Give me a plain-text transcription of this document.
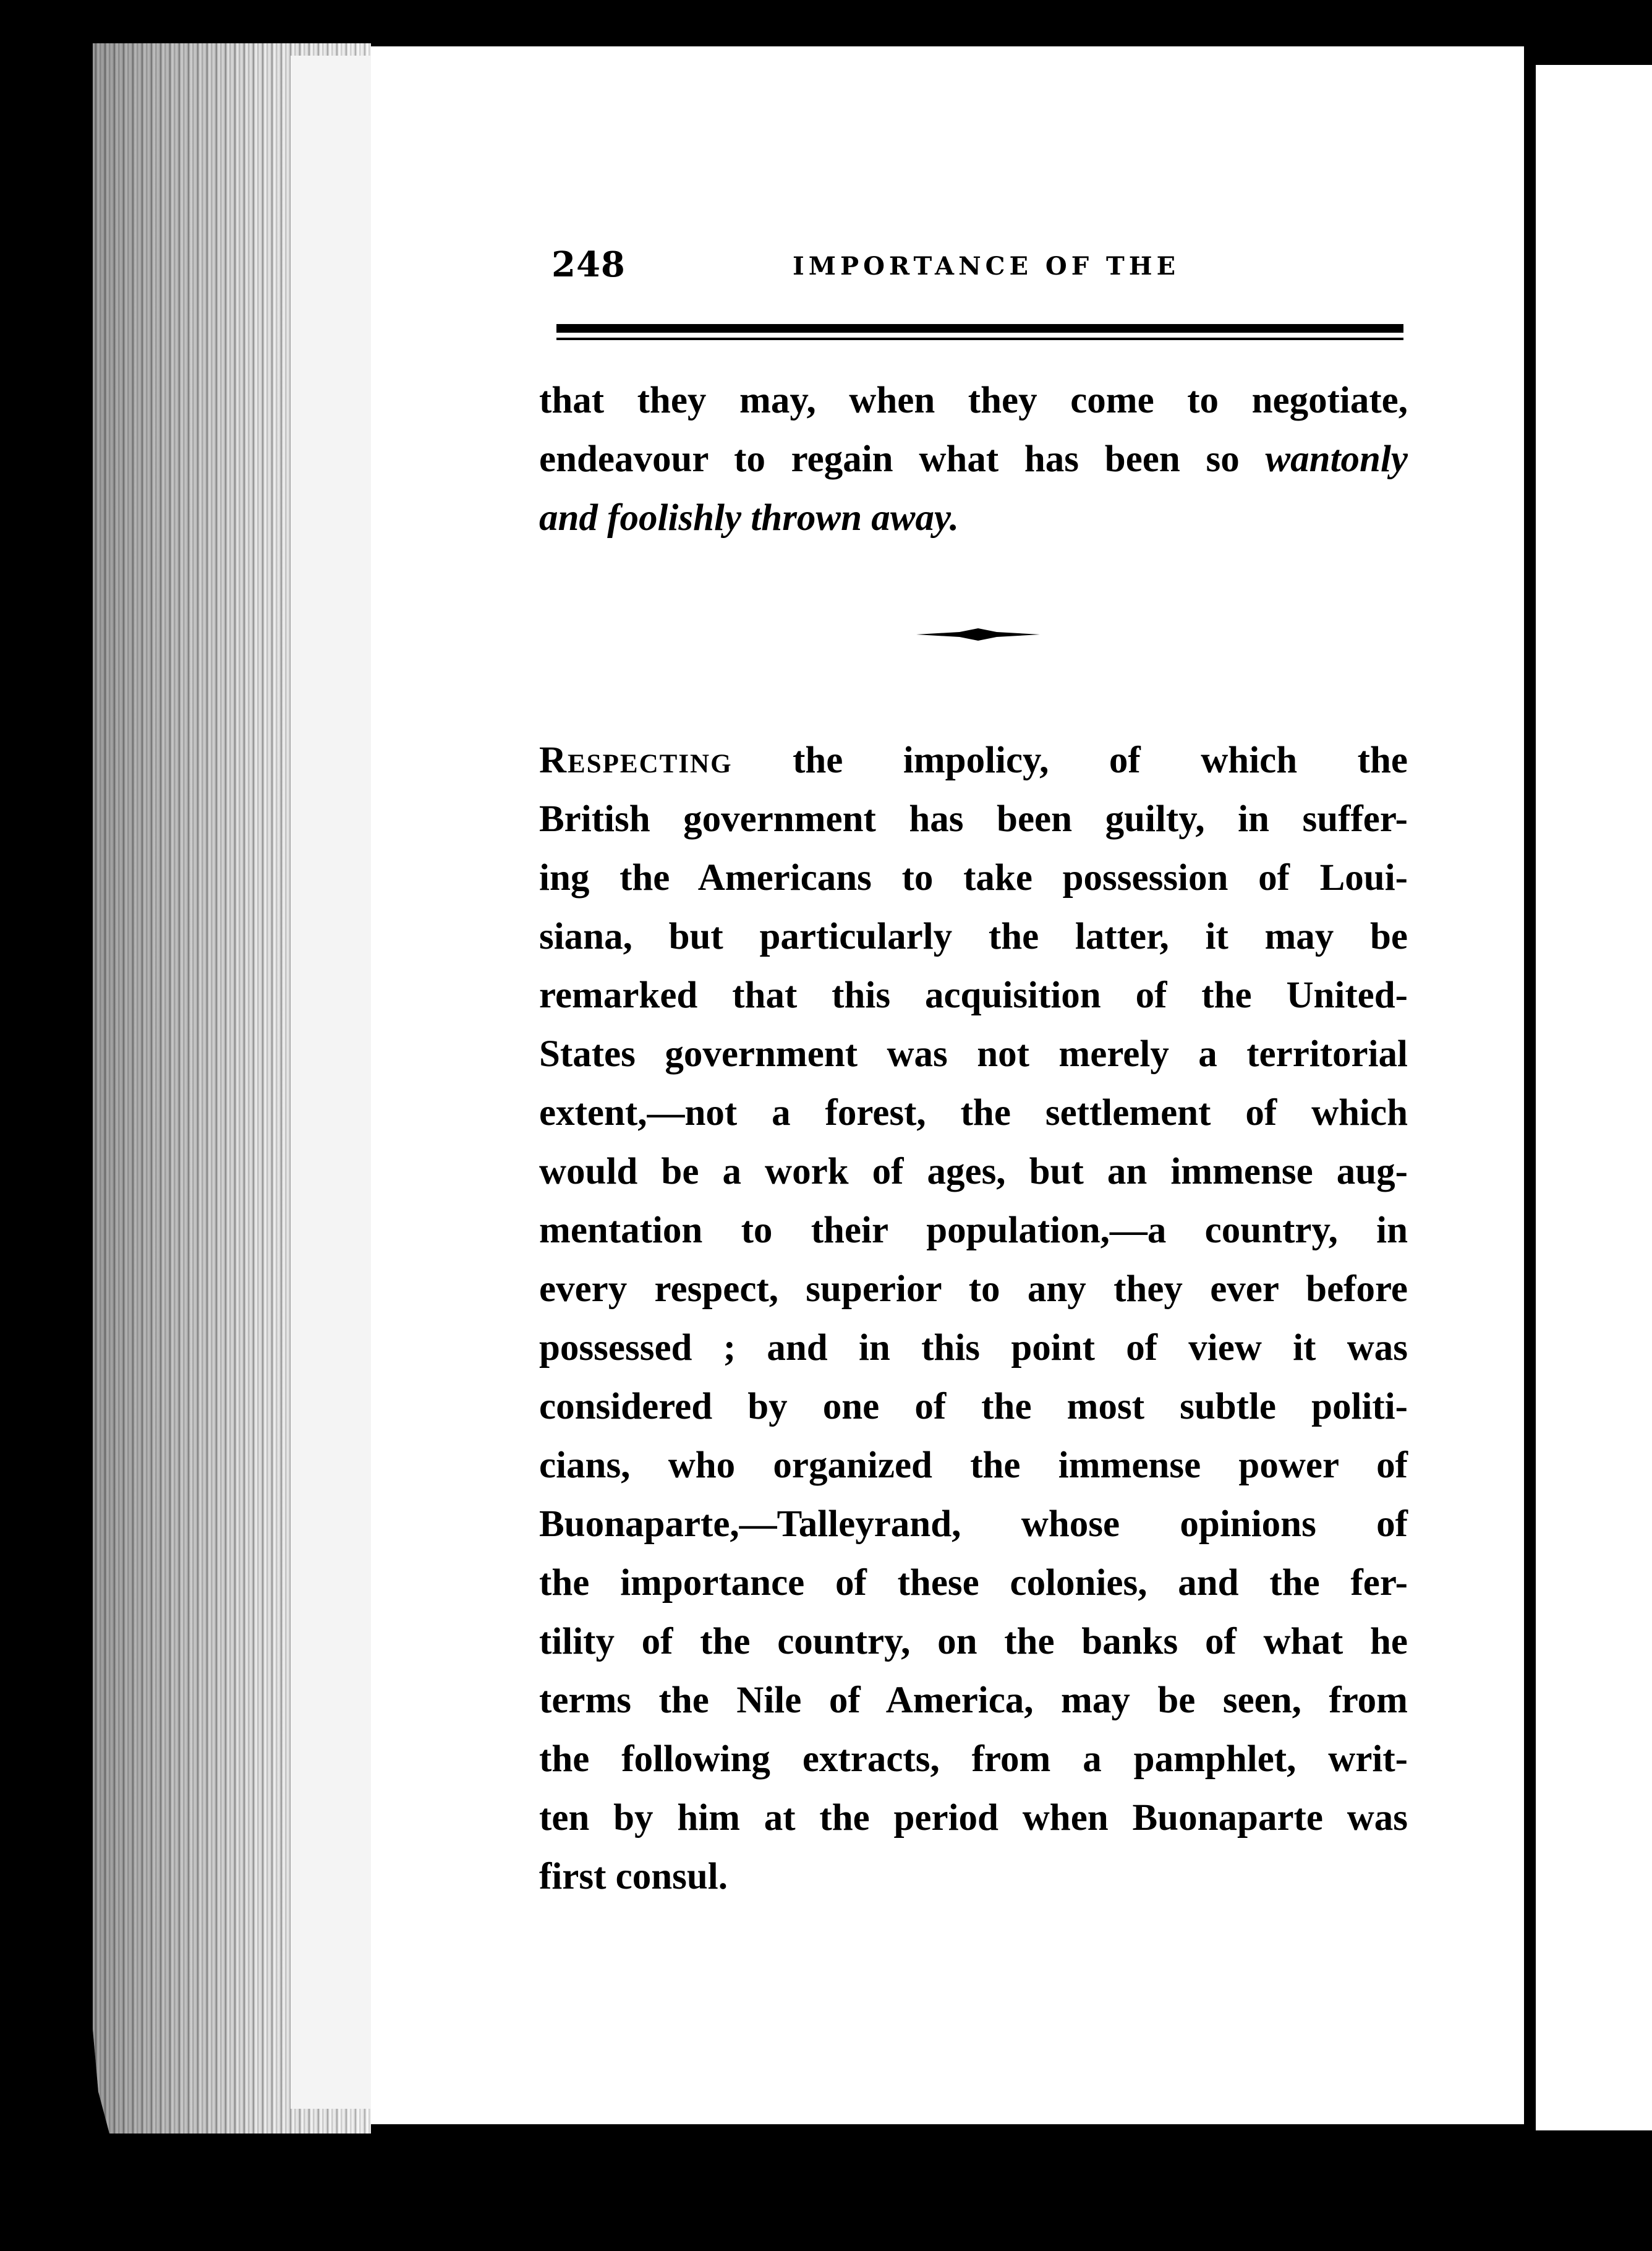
248	IMPORTANCE OF THE
that they may, when they come to negotiate,
endeavour to regain what has been so wantonly
and foolishly thrown away.
Respecting the impolicy, of which the
British government has been guilty, in suffer-
ing the Americans to take possession of Loui-
siana, but particularly the latter, it may be
remarked that this acquisition of the United-
States government was not merely a territorial
extent,—not a forest, the settlement of which
would be a work of ages, but an immense aug-
mentation to their population,—a country, in
every respect, superior to any they ever before
possessed ; and in this point of view it was
considered by one of the most subtle politi-
cians, who organized the immense power of
Buonaparte,—Talleyrand, whose opinions of
the importance of these colonies, and the fer-
tility of the country, on the banks of what he
terms the Nile of America, may be seen, from
the following extracts, from a pamphlet, writ-
ten by him at the period when Buonaparte was
first consul.
